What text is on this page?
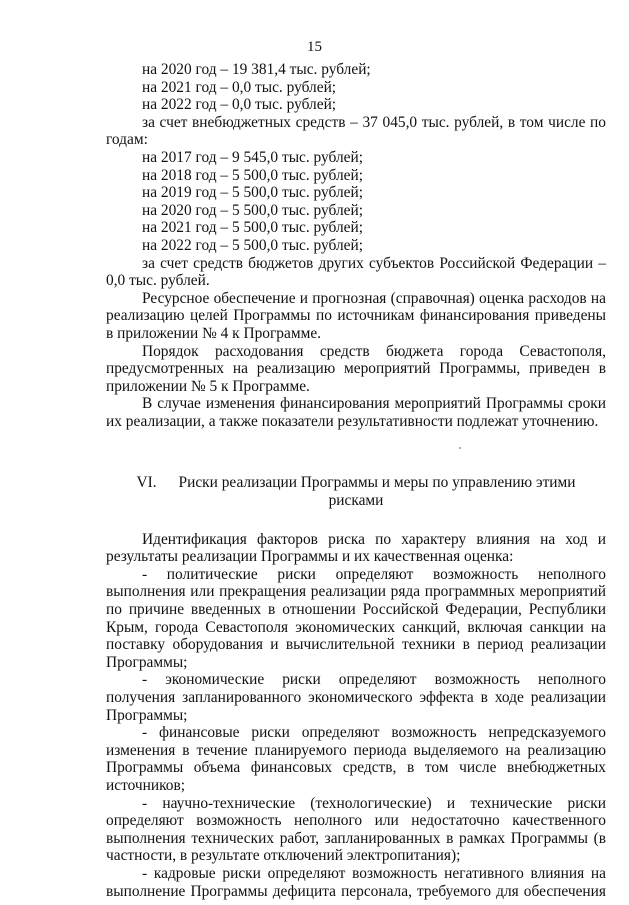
15

на 2020 год – 19 381,4 тыс. рублей;

на 2021 год – 0,0 тыс. рублей;

на 2022 год – 0,0 тыс. рублей;

за счет внебюджетных средств – 37 045,0 тыс. рублей, в том числе по годам:

на 2017 год – 9 545,0 тыс. рублей;

на 2018 год – 5 500,0 тыс. рублей;

на 2019 год – 5 500,0 тыс. рублей;

на 2020 год – 5 500,0 тыс. рублей;

на 2021 год – 5 500,0 тыс. рублей;

на 2022 год – 5 500,0 тыс. рублей;

за счет средств бюджетов других субъектов Российской Федерации – 0,0 тыс. рублей.

Ресурсное обеспечение и прогнозная (справочная) оценка расходов на реализацию целей Программы по источникам финансирования приведены в приложении № 4 к Программе.

Порядок расходования средств бюджета города Севастополя, предусмотренных на реализацию мероприятий Программы, приведен в приложении № 5 к Программе.

В случае изменения финансирования мероприятий Программы сроки их реализации, а также показатели результативности подлежат уточнению.

VI. Риски реализации Программы и меры по управлению этими рисками

Идентификация факторов риска по характеру влияния на ход и результаты реализации Программы и их качественная оценка:

- политические риски определяют возможность неполного выполнения или прекращения реализации ряда программных мероприятий по причине введенных в отношении Российской Федерации, Республики Крым, города Севастополя экономических санкций, включая санкции на поставку оборудования и вычислительной техники в период реализации Программы;

- экономические риски определяют возможность неполного получения запланированного экономического эффекта в ходе реализации Программы;

- финансовые риски определяют возможность непредсказуемого изменения в течение планируемого периода выделяемого на реализацию Программы объема финансовых средств, в том числе внебюджетных источников;

- научно-технические (технологические) и технические риски определяют возможность неполного или недостаточно качественного выполнения технических работ, запланированных в рамках Программы (в частности, в результате отключений электропитания);

- кадровые риски определяют возможность негативного влияния на выполнение Программы дефицита персонала, требуемого для обеспечения
